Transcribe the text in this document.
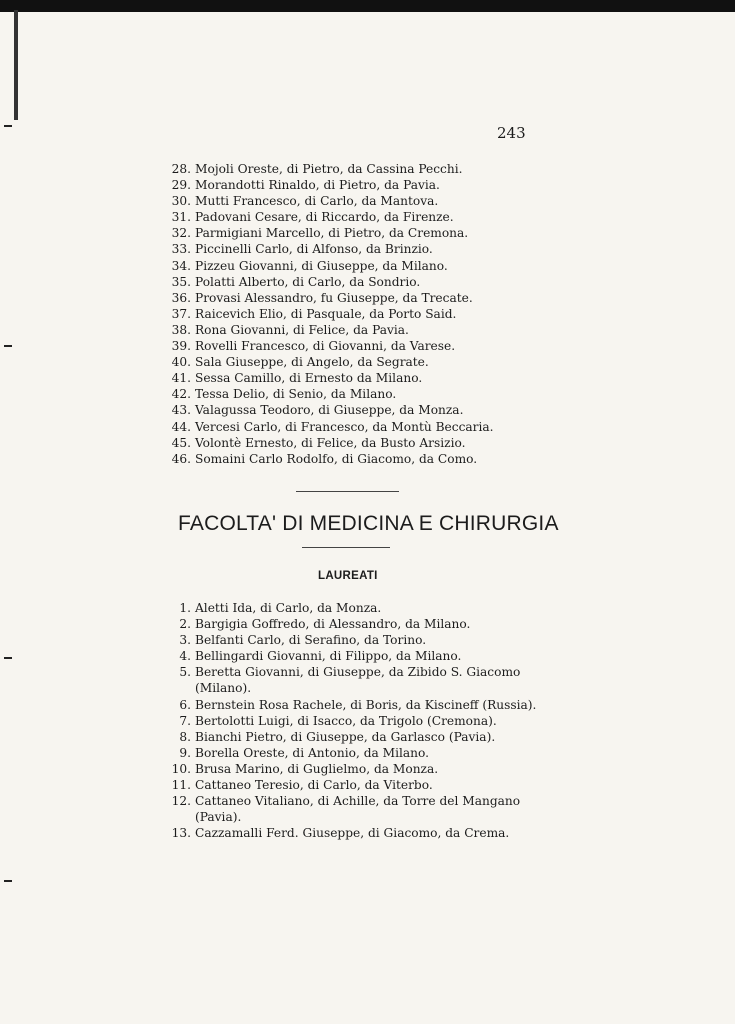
243
28. Mojoli Oreste, di Pietro, da Cassina Pecchi.
29. Morandotti Rinaldo, di Pietro, da Pavia.
30. Mutti Francesco, di Carlo, da Mantova.
31. Padovani Cesare, di Riccardo, da Firenze.
32. Parmigiani Marcello, di Pietro, da Cremona.
33. Piccinelli Carlo, di Alfonso, da Brinzio.
34. Pizzeu Giovanni, di Giuseppe, da Milano.
35. Polatti Alberto, di Carlo, da Sondrio.
36. Provasi Alessandro, fu Giuseppe, da Trecate.
37. Raicevich Elio, di Pasquale, da Porto Said.
38. Rona Giovanni, di Felice, da Pavia.
39. Rovelli Francesco, di Giovanni, da Varese.
40. Sala Giuseppe, di Angelo, da Segrate.
41. Sessa Camillo, di Ernesto da Milano.
42. Tessa Delio, di Senio, da Milano.
43. Valagussa Teodoro, di Giuseppe, da Monza.
44. Vercesi Carlo, di Francesco, da Montù Beccaria.
45. Volontè Ernesto, di Felice, da Busto Arsizio.
46. Somaini Carlo Rodolfo, di Giacomo, da Como.
FACOLTA' DI MEDICINA E CHIRURGIA
LAUREATI
1. Aletti Ida, di Carlo, da Monza.
2. Bargigia Goffredo, di Alessandro, da Milano.
3. Belfanti Carlo, di Serafino, da Torino.
4. Bellingardi Giovanni, di Filippo, da Milano.
5. Beretta Giovanni, di Giuseppe, da Zibido S. Giacomo
(Milano).
6. Bernstein Rosa Rachele, di Boris, da Kiscineff (Russia).
7. Bertolotti Luigi, di Isacco, da Trigolo (Cremona).
8. Bianchi Pietro, di Giuseppe, da Garlasco (Pavia).
9. Borella Oreste, di Antonio, da Milano.
10. Brusa Marino, di Guglielmo, da Monza.
11. Cattaneo Teresio, di Carlo, da Viterbo.
12. Cattaneo Vitaliano, di Achille, da Torre del Mangano
(Pavia).
13. Cazzamalli Ferd. Giuseppe, di Giacomo, da Crema.
